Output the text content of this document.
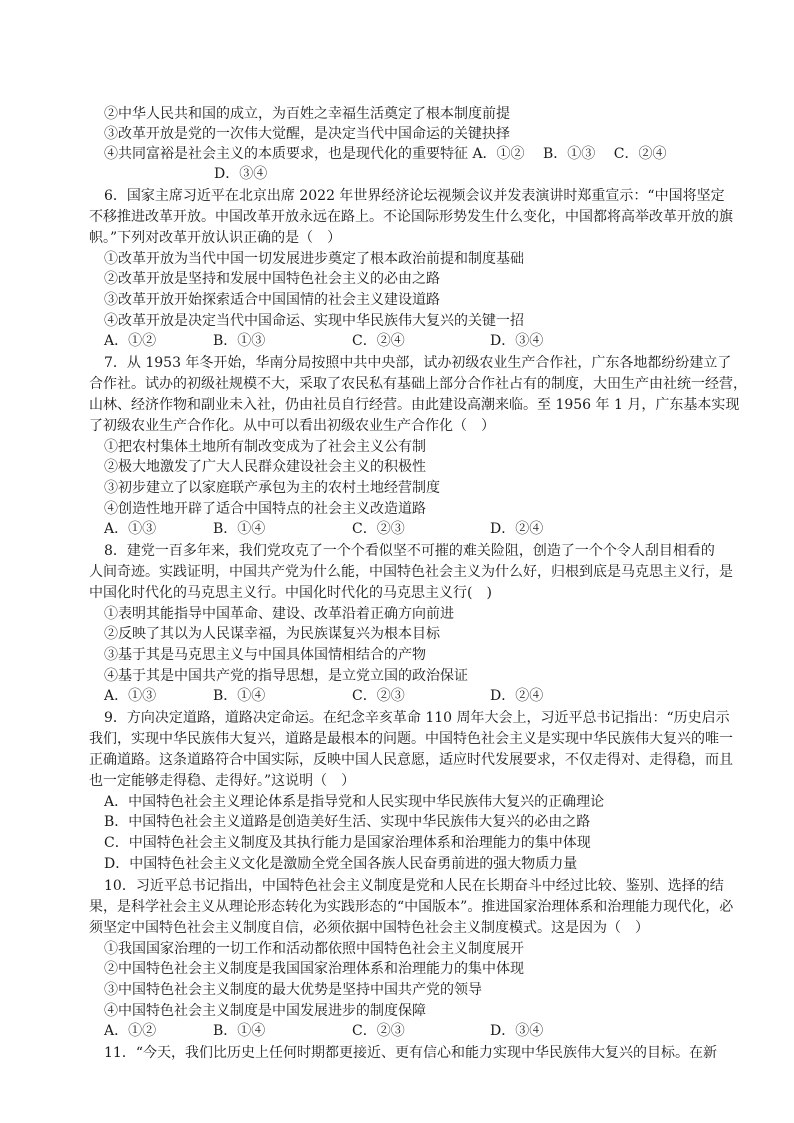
②中华人民共和国的成立，为百姓之幸福生活奠定了根本制度前提
③改革开放是党的一次伟大觉醒，是决定当代中国命运的关键抉择
④共同富裕是社会主义的本质要求，也是现代化的重要特征 A．①②　 B．①③　 C．②④
D．③④
6．国家主席习近平在北京出席 2022 年世界经济论坛视频会议并发表演讲时郑重宣示：“中国将坚定
不移推进改革开放。中国改革开放永远在路上。不论国际形势发生什么变化，中国都将高举改革开放的旗
帜。”下列对改革开放认识正确的是（　）
①改革开放为当代中国一切发展进步奠定了根本政治前提和制度基础
②改革开放是坚持和发展中国特色社会主义的必由之路
③改革开放开始探索适合中国国情的社会主义建设道路
④改革开放是决定当代中国命运、实现中华民族伟大复兴的关键一招
A．①②	B．①③	C．②④	D．③④
7．从 1953 年冬开始，华南分局按照中共中央部，试办初级农业生产合作社，广东各地都纷纷建立了
合作社。试办的初级社规模不大，采取了农民私有基础上部分合作社占有的制度，大田生产由社统一经营，
山林、经济作物和副业未入社，仍由社员自行经营。由此建设高潮来临。至 1956 年 1 月，广东基本实现
了初级农业生产合作化。从中可以看出初级农业生产合作化（　）
①把农村集体土地所有制改变成为了社会主义公有制
②极大地激发了广大人民群众建设社会主义的积极性
③初步建立了以家庭联产承包为主的农村土地经营制度
④创造性地开辟了适合中国特点的社会主义改造道路
A．①③	B．①④	C．②③	D．②④
8．建党一百多年来，我们党攻克了一个个看似坚不可摧的难关险阻，创造了一个个令人刮目相看的
人间奇迹。实践证明，中国共产党为什么能，中国特色社会主义为什么好，归根到底是马克思主义行，是
中国化时代化的马克思主义行。中国化时代化的马克思主义行(　)
①表明其能指导中国革命、建设、改革沿着正确方向前进
②反映了其以为人民谋幸福，为民族谋复兴为根本目标
③基于其是马克思主义与中国具体国情相结合的产物
④基于其是中国共产党的指导思想，是立党立国的政治保证
A．①③	B．①④	C．②③	D．②④
9．方向决定道路，道路决定命运。在纪念辛亥革命 110 周年大会上，习近平总书记指出：“历史启示
我们，实现中华民族伟大复兴，道路是最根本的问题。中国特色社会主义是实现中华民族伟大复兴的唯一
正确道路。这条道路符合中国实际，反映中国人民意愿，适应时代发展要求，不仅走得对、走得稳，而且
也一定能够走得稳、走得好。”这说明（　）
A．中国特色社会主义理论体系是指导党和人民实现中华民族伟大复兴的正确理论
B．中国特色社会主义道路是创造美好生活、实现中华民族伟大复兴的必由之路
C．中国特色社会主义制度及其执行能力是国家治理体系和治理能力的集中体现
D．中国特色社会主义文化是激励全党全国各族人民奋勇前进的强大物质力量
10．习近平总书记指出，中国特色社会主义制度是党和人民在长期奋斗中经过比较、鉴别、选择的结
果，是科学社会主义从理论形态转化为实践形态的“中国版本”。推进国家治理体系和治理能力现代化，必
须坚定中国特色社会主义制度自信，必须依据中国特色社会主义制度模式。这是因为（　）
①我国国家治理的一切工作和活动都依照中国特色社会主义制度展开
②中国特色社会主义制度是我国国家治理体系和治理能力的集中体现
③中国特色社会主义制度的最大优势是坚持中国共产党的领导
④中国特色社会主义制度是中国发展进步的制度保障
A．①②	B．①④	C．②③	D．③④
11．“今天，我们比历史上任何时期都更接近、更有信心和能力实现中华民族伟大复兴的目标。在新
